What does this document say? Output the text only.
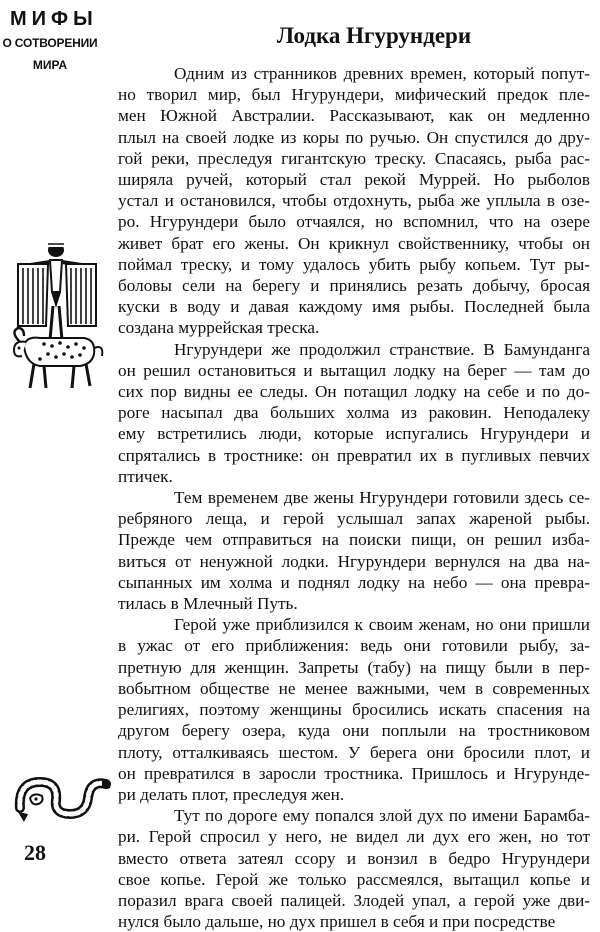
МИФЫ
О СОТВОРЕНИИ
МИРА
28
Лодка Нгурундери
Одним из странников древних времен, который попут-
но творил мир, был Нгурундери, мифический предок пле-
мен Южной Австралии. Рассказывают, как он медленно
плыл на своей лодке из коры по ручью. Он спустился до дру-
гой реки, преследуя гигантскую треску. Спасаясь, рыба рас-
ширяла ручей, который стал рекой Муррей. Но рыболов
устал и остановился, чтобы отдохнуть, рыба же уплыла в озе-
ро. Нгурундери было отчаялся, но вспомнил, что на озере
живет брат его жены. Он крикнул свойственнику, чтобы он
поймал треску, и тому удалось убить рыбу копьем. Тут ры-
боловы сели на берегу и принялись резать добычу, бросая
куски в воду и давая каждому имя рыбы. Последней была
создана муррейская треска.
Нгурундери же продолжил странствие. В Бамунданга
он решил остановиться и вытащил лодку на берег — там до
сих пор видны ее следы. Он потащил лодку на себе и по до-
роге насыпал два больших холма из раковин. Неподалеку
ему встретились люди, которые испугались Нгурундери и
спрятались в тростнике: он превратил их в пугливых певчих
птичек.
Тем временем две жены Нгурундери готовили здесь се-
ребряного леща, и герой услышал запах жареной рыбы.
Прежде чем отправиться на поиски пищи, он решил избa-
виться от ненужной лодки. Нгурундери вернулся на два на-
сыпанных им холма и поднял лодку на небо — она превра-
тилась в Млечный Путь.
Герой уже приблизился к своим женам, но они пришли
в ужас от его приближения: ведь они готовили рыбу, за-
претную для женщин. Запреты (табу) на пищу были в пер-
вобытном обществе не менее важными, чем в современных
религиях, поэтому женщины бросились искать спасения на
другом берегу озера, куда они поплыли на тростниковом
плоту, отталкиваясь шестом. У берега они бросили плот, и
он превратился в заросли тростника. Пришлось и Нгурунде-
ри делать плот, преследуя жен.
Тут по дорогe ему попался злой дух по имени Барамба-
ри. Герой спросил у него, не видел ли дух его жен, но тот
вместо ответа затеял ссору и вонзил в бедро Нгурундери
свое копье. Герой же только рассмеялся, вытащил копье и
поразил врага своей палицей. Злодей упал, а герой уже дви-
нулся было дальше, но дух пришел в себя и при посредстве
